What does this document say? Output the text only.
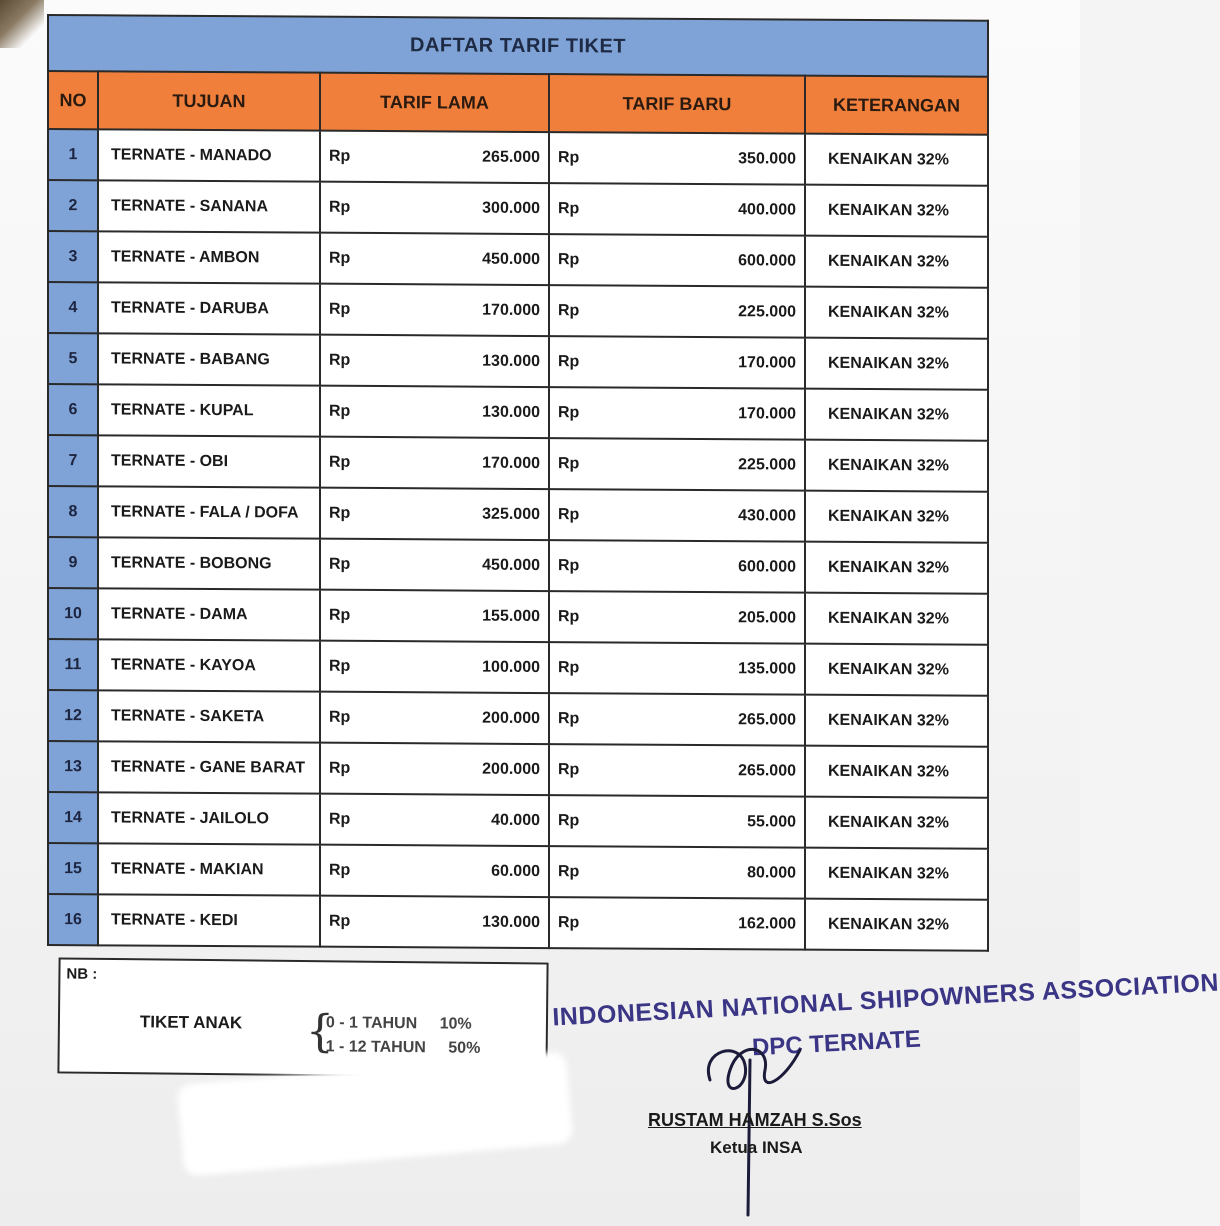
DAFTAR TARIF TIKET				
NO	TUJUAN	TARIF LAMA	TARIF BARU	KETERANGAN
1	TERNATE - MANADO	Rp 265.000	Rp 350.000	KENAIKAN 32%
2	TERNATE - SANANA	Rp 300.000	Rp 400.000	KENAIKAN 32%
3	TERNATE - AMBON	Rp 450.000	Rp 600.000	KENAIKAN 32%
4	TERNATE - DARUBA	Rp 170.000	Rp 225.000	KENAIKAN 32%
5	TERNATE - BABANG	Rp 130.000	Rp 170.000	KENAIKAN 32%
6	TERNATE - KUPAL	Rp 130.000	Rp 170.000	KENAIKAN 32%
7	TERNATE - OBI	Rp 170.000	Rp 225.000	KENAIKAN 32%
8	TERNATE - FALA / DOFA	Rp 325.000	Rp 430.000	KENAIKAN 32%
9	TERNATE - BOBONG	Rp 450.000	Rp 600.000	KENAIKAN 32%
10	TERNATE - DAMA	Rp 155.000	Rp 205.000	KENAIKAN 32%
11	TERNATE - KAYOA	Rp 100.000	Rp 135.000	KENAIKAN 32%
12	TERNATE - SAKETA	Rp 200.000	Rp 265.000	KENAIKAN 32%
13	TERNATE - GANE BARAT	Rp 200.000	Rp 265.000	KENAIKAN 32%
14	TERNATE - JAILOLO	Rp 40.000	Rp 55.000	KENAIKAN 32%
15	TERNATE - MAKIAN	Rp 60.000	Rp 80.000	KENAIKAN 32%
16	TERNATE - KEDI	Rp 130.000	Rp 162.000	KENAIKAN 32%
NB :
TIKET ANAK {
0 - 1 TAHUN 10%
1 - 12 TAHUN 50%
INDONESIAN NATIONAL SHIPOWNERS ASSOCIATION
DPC TERNATE
RUSTAM HAMZAH S.Sos
Ketua INSA
